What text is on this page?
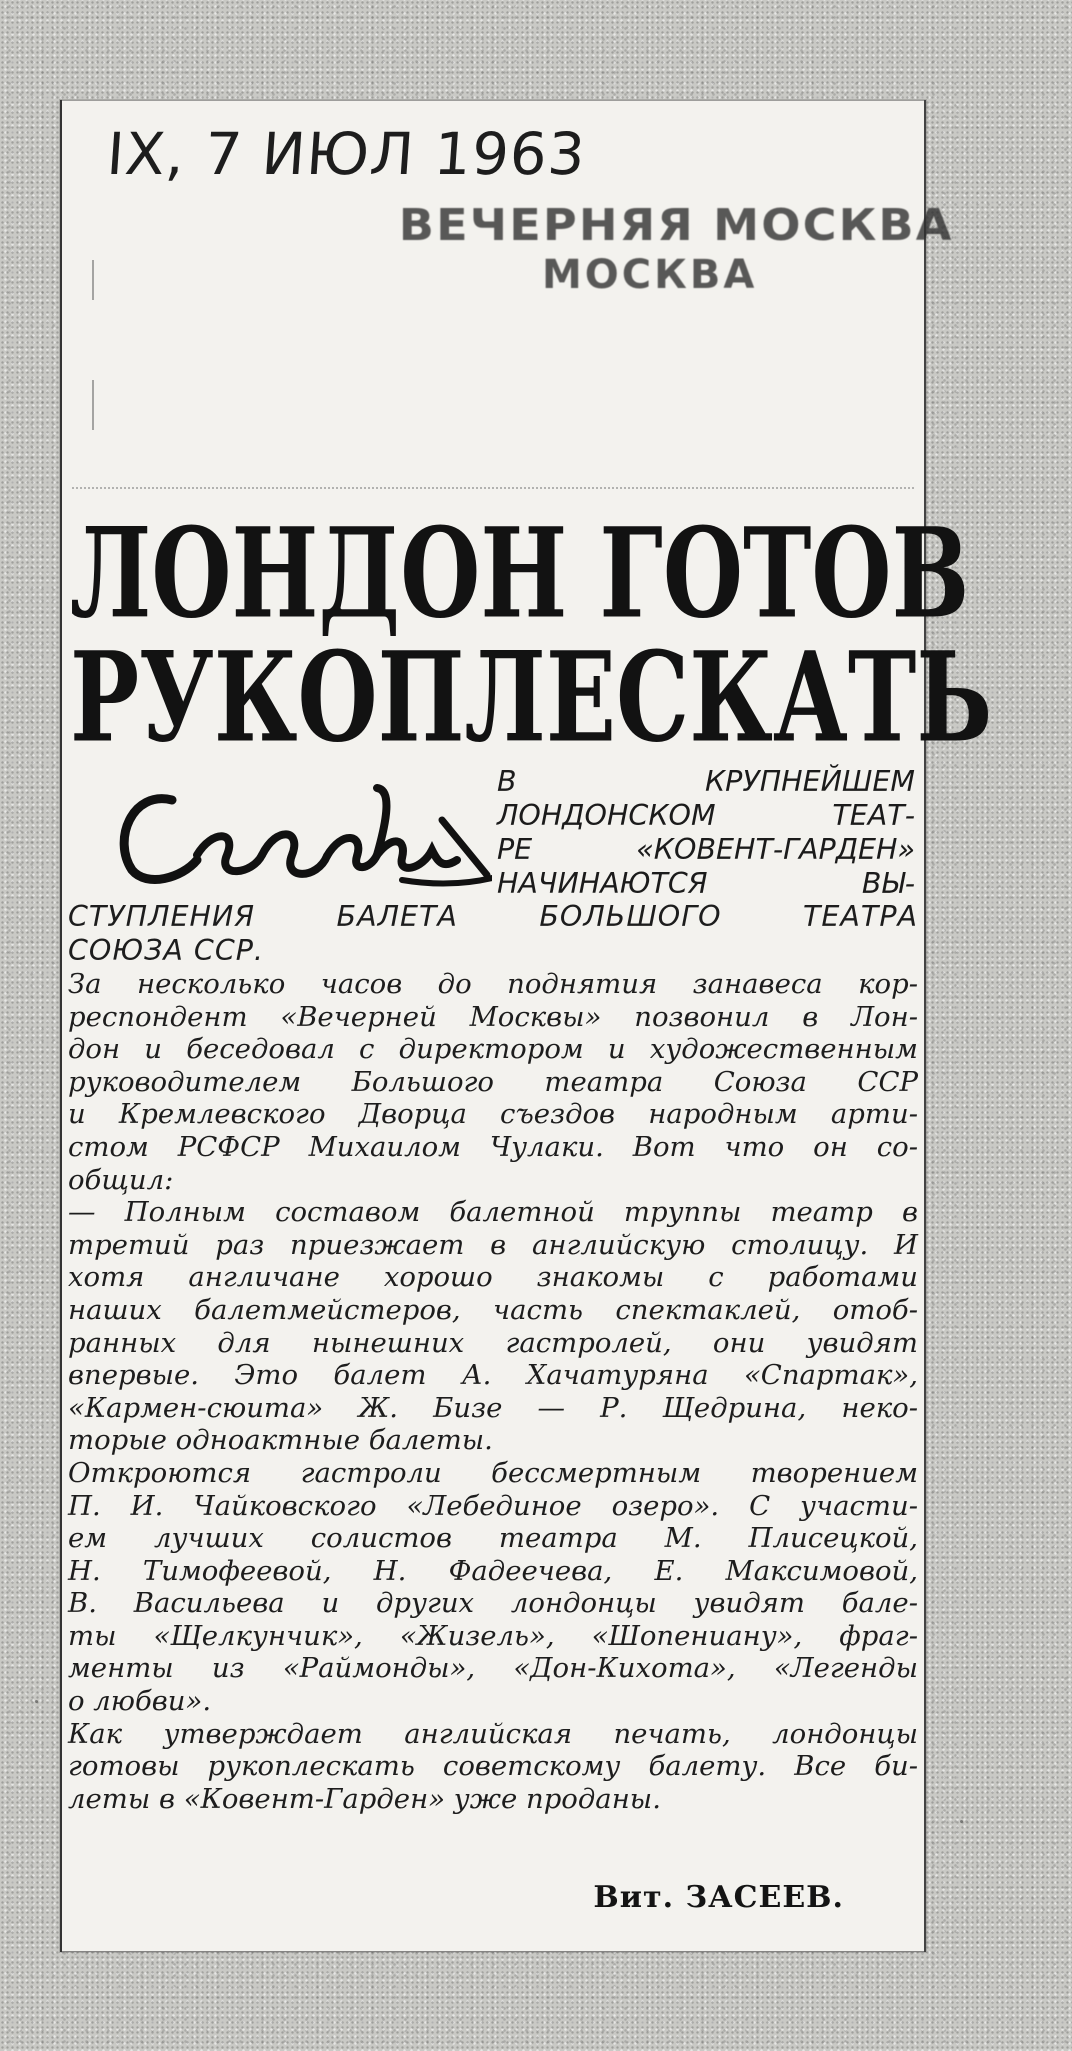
IX, 7 ИЮЛ 1963
ВЕЧЕРНЯЯ МОСКВА
МОСКВА
ЛОНДОН ГОТОВ
РУКОПЛЕСКАТЬ
В КРУПНЕЙШЕМ
ЛОНДОНСКОМ ТЕАТ-
РЕ «КОВЕНТ-ГАРДЕН»
НАЧИНАЮТСЯ ВЫ-
СТУПЛЕНИЯ БАЛЕТА БОЛЬШОГО ТЕАТРА
СОЮЗА ССР.
За несколько часов до поднятия занавеса кор-
респондент «Вечерней Москвы» позвонил в Лон-
дон и беседовал с директором и художественным
руководителем Большого театра Союза ССР
и Кремлевского Дворца съездов народным арти-
стом РСФСР Михаилом Чулаки. Вот что он со-
общил:
— Полным составом балетной труппы театр в
третий раз приезжает в английскую столицу. И
хотя англичане хорошо знакомы с работами
наших балетмейстеров, часть спектаклей, отоб-
ранных для нынешних гастролей, они увидят
впервые. Это балет А. Хачатуряна «Спартак»,
«Кармен-сюита» Ж. Бизе — Р. Щедрина, неко-
торые одноактные балеты.
Откроются гастроли бессмертным творением
П. И. Чайковского «Лебединое озеро». С участи-
ем лучших солистов театра М. Плисецкой,
Н. Тимофеевой, Н. Фадеечева, Е. Максимовой,
В. Васильева и других лондонцы увидят бале-
ты «Щелкунчик», «Жизель», «Шопениану», фраг-
менты из «Раймонды», «Дон-Кихота», «Легенды
о любви».
Как утверждает английская печать, лондонцы
готовы рукоплескать советскому балету. Все би-
леты в «Ковент-Гарден» уже проданы.
Вит. ЗАСЕЕВ.
